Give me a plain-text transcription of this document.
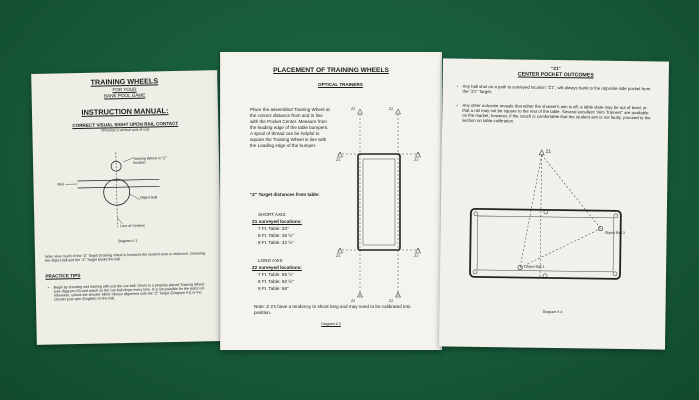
TRAINING WHEELS
FOR YOUR
BANK POOL GAME
INSTRUCTION MANUAL:
CORRECT VISUAL SIGHT UPON RAIL CONTACT
(Practice a vertical axis of cut)
Training Wheel in "Z" location
Rail
Object Ball
Line of Centers
Diagram # 1
Note: How much of the "Z" Target (training wheel in location) the student sees is irrelevant. Centering the object ball and the "Z" Target banks the ball.
PRACTICE TIPS
• Begin by shooting and training with just the cue ball. Shoot to a properly placed Training Wheel (see diagram #3) and watch as the cue ball drops every time. It is not possible for the ball to do otherwise, unless the shooter either misses alignment with the "Z" Target (Diagram #1) or the shooter puts spin (English) on the ball.
PLACEMENT OF TRAINING WHEELS
OPTICAL TRAINERS
Place the assembled Training Wheel at the correct distance from and in line with the Pocket Center. Measure from the leading edge of the table bumpers. A spool of thread can be helpful to square the Training Wheel in line with the Leading edge of the bumper.
"Z" Target distances from table:
SHORT AXIS
Z1 surveyed locations:
7 Ft. Table: 33"
8 Ft. Table: 36 ½"
9 Ft. Table: 42 ½"
LONG AXIS
Z2 surveyed locations:
7 Ft. Table: 55 ½"
8 Ft. Table: 60 ½"
9 Ft. Table: 66"
Note: Z 2's have a tendency to shoot long and may need to be calibrated into position.
Diagram # 3
Z2	Z2
Z1	Z1
Z1	Z1
Z2	Z2
"Z1"
CENTER POCKET OUTCOMES
• Any ball shot on a path to surveyed location "Z1", will always bank to the opposite side pocket from the "Z1" Target.
• Any other outcome reveals that either the shooter's aim is off, a table slate may be out of level, or that a rail may not be square to the rest of the table. Several excellent "Aim Trainers" are available on the market, however, if the coach is comfortable that the student aim is not faulty, proceed to the section on table calibration.
Z1
Object Ball 1
Object Ball 2
Diagram # 4
